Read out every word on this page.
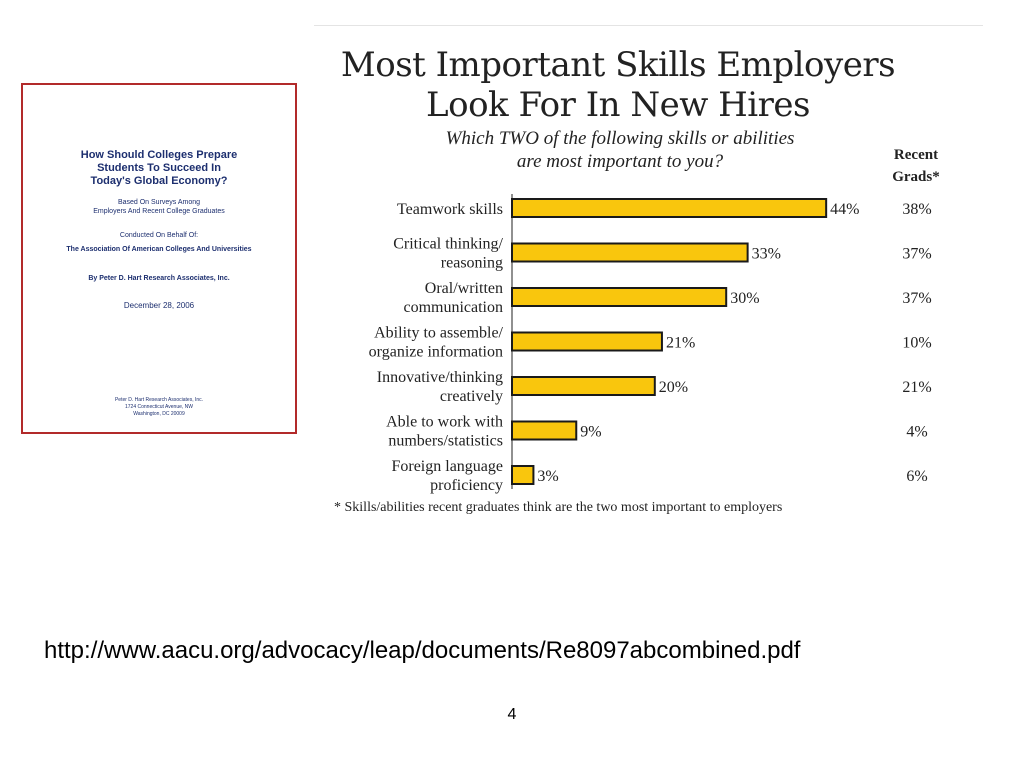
How Should Colleges Prepare
Students To Succeed In
Today's Global Economy?
Based On Surveys Among
Employers And Recent College Graduates
Conducted On Behalf Of:
The Association Of American Colleges And Universities
By Peter D. Hart Research Associates, Inc.
December 28, 2006
Peter D. Hart Research Associates, Inc.
1724 Connecticut Avenue, NW
Washington, DC 20009
Most Important Skills Employers
Look For In New Hires
Which TWO of the following skills or abilities
are most important to you?	Recent
Grads*
44%
Teamwork skills	38%
33%
Critical thinking/
reasoning
37%
30%
Oral/written
communication
37%
21%
Ability to assemble/
organize information
10%
20%
Innovative/thinking
creatively
21%
9%
Able to work with
numbers/statistics
4%
3%
Foreign language
proficiency
6%
* Skills/abilities recent graduates think are the two most important to employers
http://www.aacu.org/advocacy/leap/documents/Re8097abcombined.pdf
4
